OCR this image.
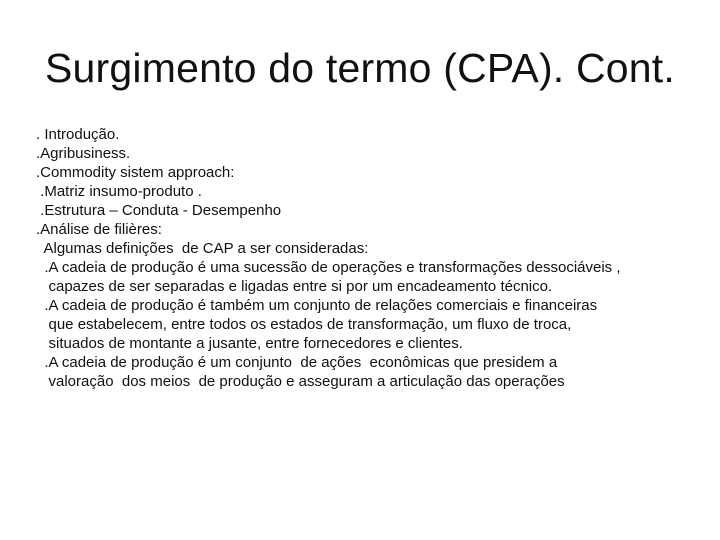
Surgimento do termo (CPA). Cont.
. Introdução.
.Agribusiness.
.Commodity sistem approach:
.Matriz insumo-produto .
.Estrutura – Conduta - Desempenho
.Análise de filières:
Algumas definições  de CAP a ser consideradas:
.A cadeia de produção é uma sucessão de operações e transformações dessociáveis ,
capazes de ser separadas e ligadas entre si por um encadeamento técnico.
.A cadeia de produção é também um conjunto de relações comerciais e financeiras
que estabelecem, entre todos os estados de transformação, um fluxo de troca,
situados de montante a jusante, entre fornecedores e clientes.
.A cadeia de produção é um conjunto  de ações  econômicas que presidem a
valoração  dos meios  de produção e asseguram a articulação das operações
